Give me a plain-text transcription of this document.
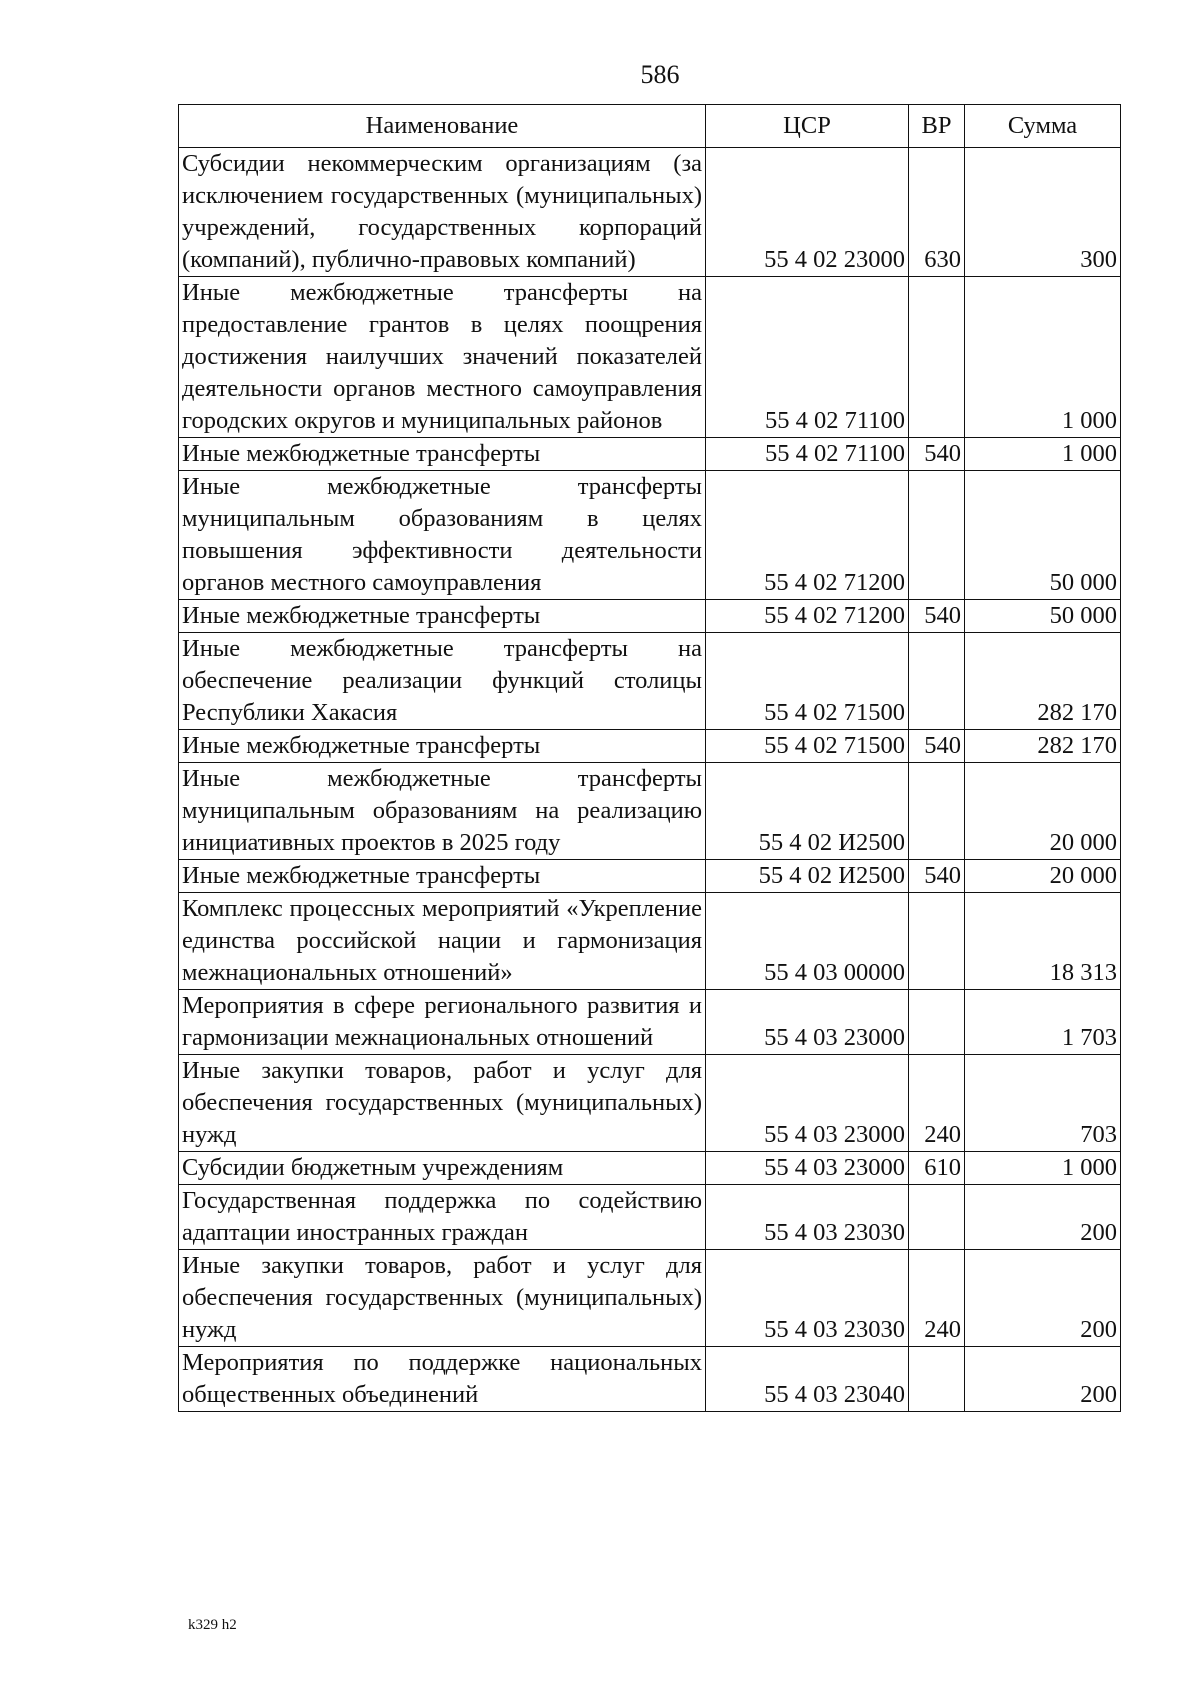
586
Наименование	ЦСР	ВР	Сумма
Субсидии некоммерческим организациям (за исключением государственных (муниципальных) учреждений, государственных корпораций (компаний), публично-правовых компаний)	55 4 02 23000	630	300
Иные межбюджетные трансферты на предоставление грантов в целях поощрения достижения наилучших значений показателей деятельности органов местного самоуправления городских округов и муниципальных районов	55 4 02 71100		1 000
Иные межбюджетные трансферты	55 4 02 71100	540	1 000
Иные межбюджетные трансферты муниципальным образованиям в целях повышения эффективности деятельности органов местного самоуправления	55 4 02 71200		50 000
Иные межбюджетные трансферты	55 4 02 71200	540	50 000
Иные межбюджетные трансферты на обеспечение реализации функций столицы Республики Хакасия	55 4 02 71500		282 170
Иные межбюджетные трансферты	55 4 02 71500	540	282 170
Иные межбюджетные трансферты муниципальным образованиям на реализацию инициативных проектов в 2025 году	55 4 02 И2500		20 000
Иные межбюджетные трансферты	55 4 02 И2500	540	20 000
Комплекс процессных мероприятий «Укрепление единства российской нации и гармонизация межнациональных отношений»	55 4 03 00000		18 313
Мероприятия в сфере регионального развития и гармонизации межнациональных отношений	55 4 03 23000		1 703
Иные закупки товаров, работ и услуг для обеспечения государственных (муниципальных) нужд	55 4 03 23000	240	703
Субсидии бюджетным учреждениям	55 4 03 23000	610	1 000
Государственная поддержка по содействию адаптации иностранных граждан	55 4 03 23030		200
Иные закупки товаров, работ и услуг для обеспечения государственных (муниципальных) нужд	55 4 03 23030	240	200
Мероприятия по поддержке национальных общественных объединений	55 4 03 23040		200
k329 h2
